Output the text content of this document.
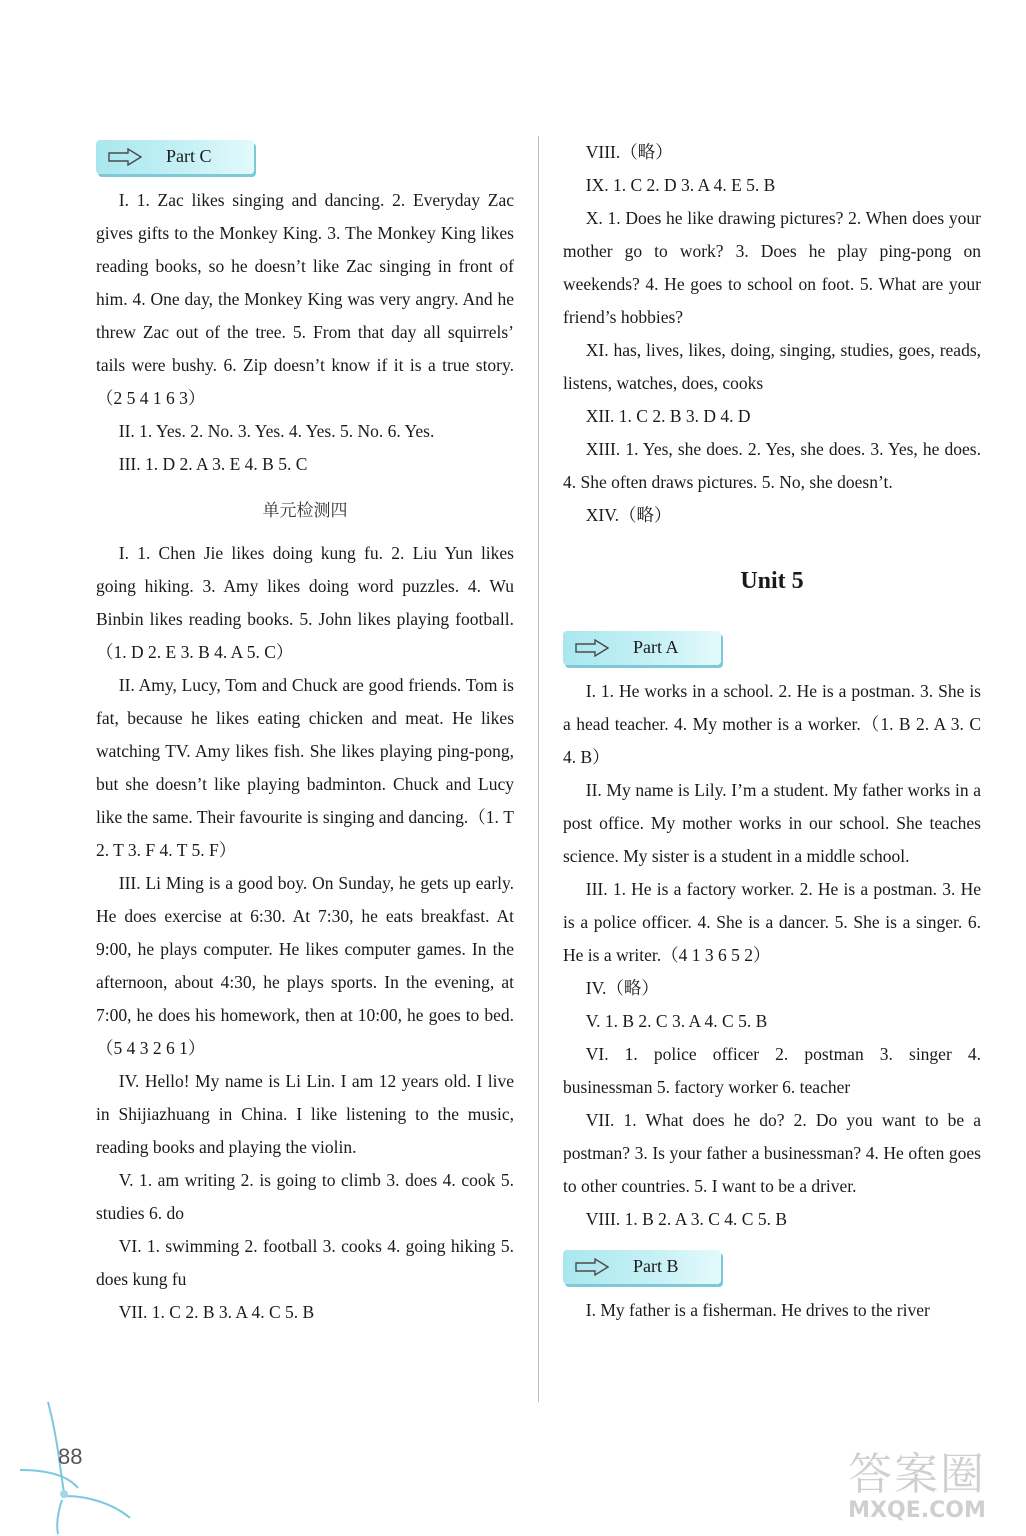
Part C

I. 1. Zac likes singing and dancing. 2. Everyday Zac gives gifts to the Monkey King. 3. The Monkey King likes reading books, so he doesn’t like Zac singing in front of him. 4. One day, the Monkey King was very angry. And he threw Zac out of the tree. 5. From that day all squirrels’ tails were bushy. 6. Zip doesn’t know if it is a true story.（2 5 4 1 6 3）

II. 1. Yes. 2. No. 3. Yes. 4. Yes. 5. No. 6. Yes.

III. 1. D 2. A 3. E 4. B 5. C

单元检测四

I. 1. Chen Jie likes doing kung fu. 2. Liu Yun likes going hiking. 3. Amy likes doing word puzzles. 4. Wu Binbin likes reading books. 5. John likes playing football.（1. D 2. E 3. B 4. A 5. C）

II. Amy, Lucy, Tom and Chuck are good friends. Tom is fat, because he likes eating chicken and meat. He likes watching TV. Amy likes fish. She likes playing ping-pong, but she doesn’t like playing badminton. Chuck and Lucy like the same. Their favourite is singing and dancing.（1. T 2. T 3. F 4. T 5. F）

III. Li Ming is a good boy. On Sunday, he gets up early. He does exercise at 6:30. At 7:30, he eats breakfast. At 9:00, he plays computer. He likes computer games. In the afternoon, about 4:30, he plays sports. In the evening, at 7:00, he does his homework, then at 10:00, he goes to bed.（5 4 3 2 6 1）

IV. Hello! My name is Li Lin. I am 12 years old. I live in Shijiazhuang in China. I like listening to the music, reading books and playing the violin.

V. 1. am writing 2. is going to climb 3. does 4. cook 5. studies 6. do

VI. 1. swimming 2. football 3. cooks 4. going hiking 5. does kung fu

VII. 1. C 2. B 3. A 4. C 5. B

VIII.（略）

IX. 1. C 2. D 3. A 4. E 5. B

X. 1. Does he like drawing pictures? 2. When does your mother go to work? 3. Does he play ping-pong on weekends? 4. He goes to school on foot. 5. What are your friend’s hobbies?

XI. has, lives, likes, doing, singing, studies, goes, reads, listens, watches, does, cooks

XII. 1. C 2. B 3. D 4. D

XIII. 1. Yes, she does. 2. Yes, she does. 3. Yes, he does. 4. She often draws pictures. 5. No, she doesn’t.

XIV.（略）

Unit 5
Part A

I. 1. He works in a school. 2. He is a postman. 3. She is a head teacher. 4. My mother is a worker.（1. B 2. A 3. C 4. B）

II. My name is Lily. I’m a student. My father works in a post office. My mother works in our school. She teaches science. My sister is a student in a middle school.

III. 1. He is a factory worker. 2. He is a postman. 3. He is a police officer. 4. She is a dancer. 5. She is a singer. 6. He is a writer.（4 1 3 6 5 2）

IV.（略）

V. 1. B 2. C 3. A 4. C 5. B

VI. 1. police officer 2. postman 3. singer 4. businessman 5. factory worker 6. teacher

VII. 1. What does he do? 2. Do you want to be a postman? 3. Is your father a businessman? 4. He often goes to other countries. 5. I want to be a driver.

VIII. 1. B 2. A 3. C 4. C 5. B

Part B

I. My father is a fisherman. He drives to the river

88	答案圈
MXQE.COM
